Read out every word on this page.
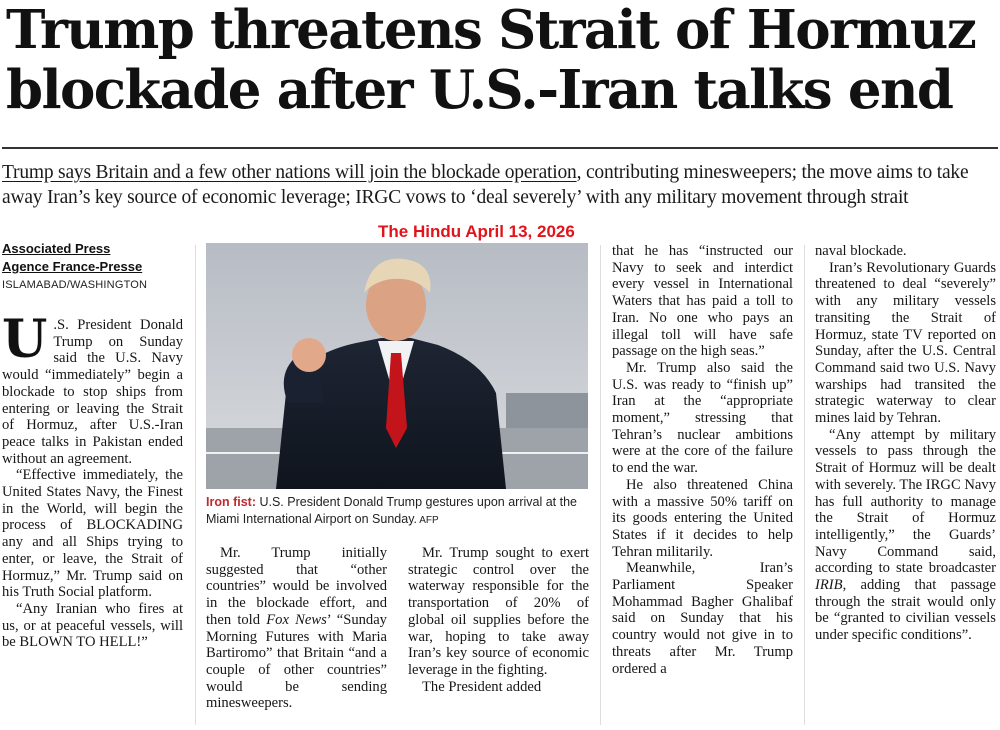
Trump threatens Strait of Hormuz
blockade after U.S.-Iran talks end
Trump says Britain and a few other nations will join the blockade operation, contributing minesweepers; the move aims to take away Iran’s key source of economic leverage; IRGC vows to ‘deal severely’ with any military movement through strait
The Hindu April 13, 2026
Associated Press
Agence France-Presse
ISLAMABAD/WASHINGTON

U .S. President Donald Trump on Sunday said the U.S. Navy would “immediately” begin a blockade to stop ships from entering or leaving the Strait of Hormuz, after U.S.-Iran peace talks in Pakistan ended without an agreement.

“Effective immediately, the United States Navy, the Finest in the World, will begin the process of BLOCKADING any and all Ships trying to enter, or leave, the Strait of Hormuz,” Mr. Trump said on his Truth Social platform.

“Any Iranian who fires at us, or at peaceful vessels, will be BLOWN TO HELL!”

Iron fist: U.S. President Donald Trump gestures upon arrival at the Miami International Airport on Sunday. AFP

Mr. Trump initially suggested that “other countries” would be involved in the blockade effort, and then told Fox News’ “Sunday Morning Futures with Maria Bartiromo” that Britain “and a couple of other countries” would be sending minesweepers.

Mr. Trump sought to exert strategic control over the waterway responsible for the transportation of 20% of global oil supplies before the war, hoping to take away Iran’s key source of economic leverage in the fighting.

The President added

that he has “instructed our Navy to seek and interdict every vessel in International Waters that has paid a toll to Iran. No one who pays an illegal toll will have safe passage on the high seas.”

Mr. Trump also said the U.S. was ready to “finish up” Iran at the “appropriate moment,” stressing that Tehran’s nuclear ambitions were at the core of the failure to end the war.

He also threatened China with a massive 50% tariff on its goods entering the United States if it decides to help Tehran militarily.

Meanwhile, Iran’s Parliament Speaker Mohammad Bagher Ghalibaf said on Sunday that his country would not give in to threats after Mr. Trump ordered a

naval blockade.

Iran’s Revolutionary Guards threatened to deal “severely” with any military vessels transiting the Strait of Hormuz, state TV reported on Sunday, after the U.S. Central Command said two U.S. Navy warships had transited the strategic waterway to clear mines laid by Tehran.

“Any attempt by military vessels to pass through the Strait of Hormuz will be dealt with severely. The IRGC Navy has full authority to manage the Strait of Hormuz intelligently,” the Guards’ Navy Command said, according to state broadcaster IRIB, adding that passage through the strait would only be “granted to civilian vessels under specific conditions”.
